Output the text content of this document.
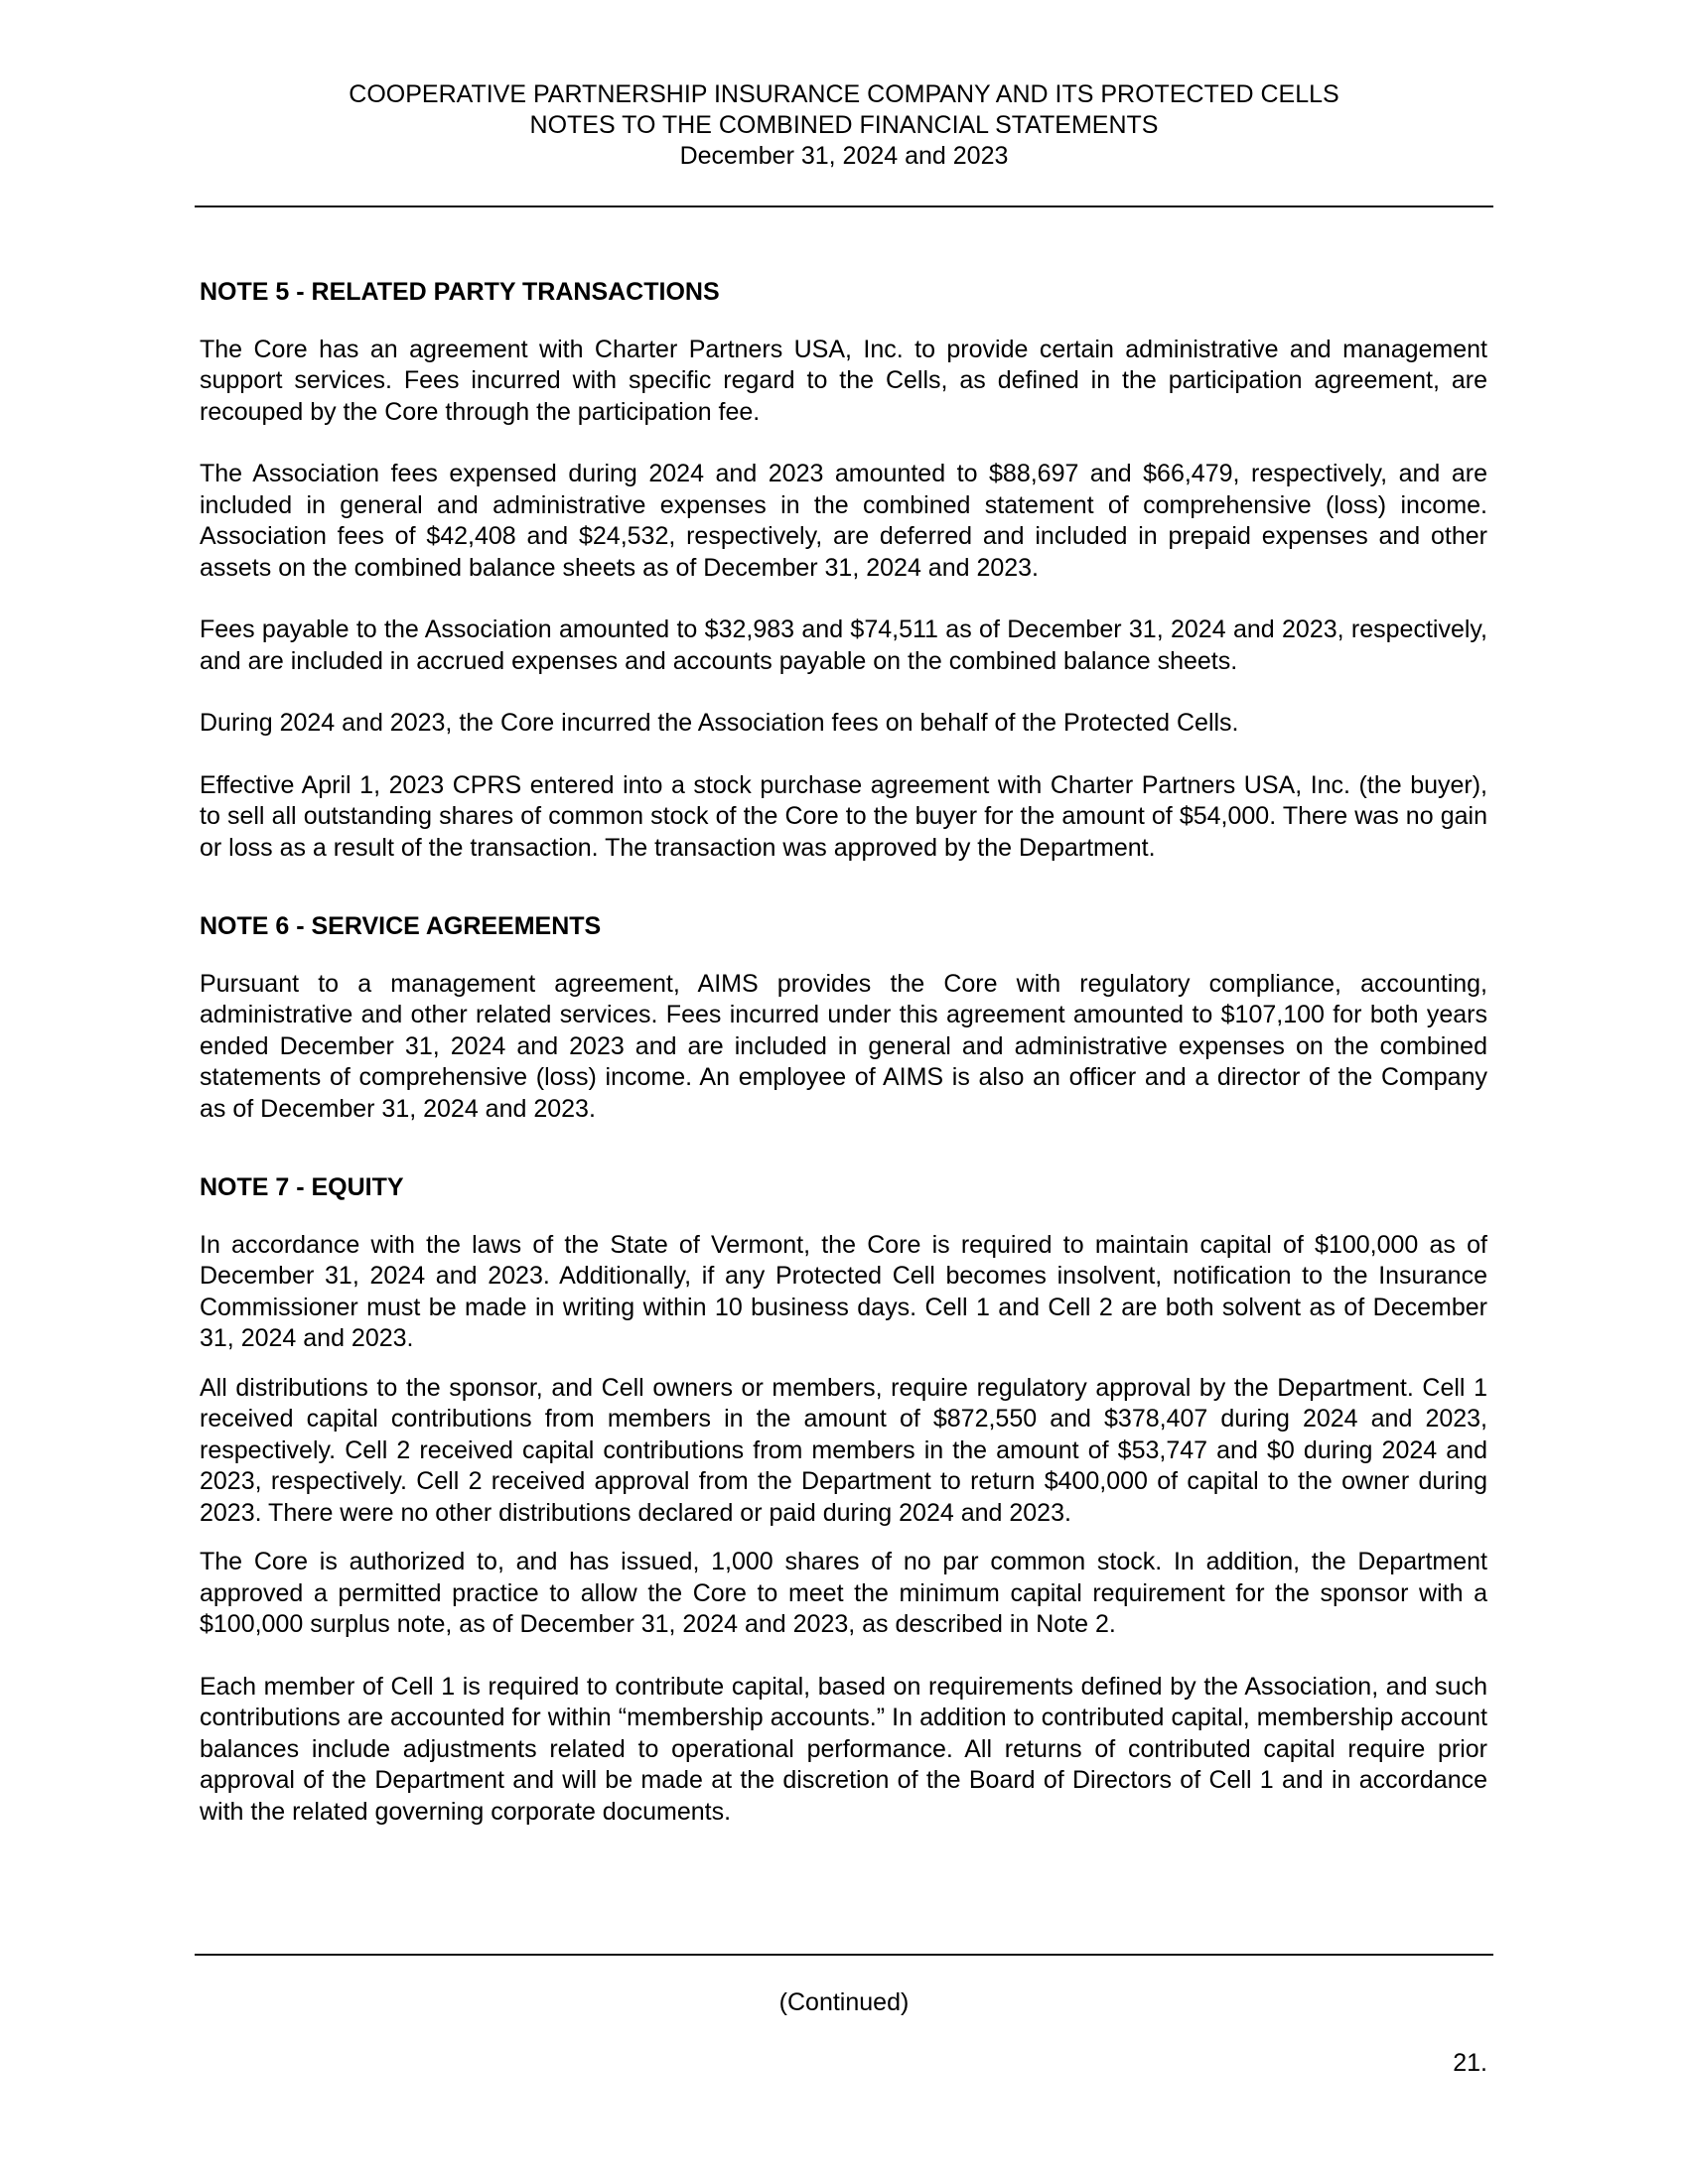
COOPERATIVE PARTNERSHIP INSURANCE COMPANY AND ITS PROTECTED CELLS
NOTES TO THE COMBINED FINANCIAL STATEMENTS
December 31, 2024 and 2023
NOTE 5 - RELATED PARTY TRANSACTIONS

The Core has an agreement with Charter Partners USA, Inc. to provide certain administrative and management support services. Fees incurred with specific regard to the Cells, as defined in the participation agreement, are recouped by the Core through the participation fee.

The Association fees expensed during 2024 and 2023 amounted to $88,697 and $66,479, respectively, and are included in general and administrative expenses in the combined statement of comprehensive (loss) income. Association fees of $42,408 and $24,532, respectively, are deferred and included in prepaid expenses and other assets on the combined balance sheets as of December 31, 2024 and 2023.

Fees payable to the Association amounted to $32,983 and $74,511 as of December 31, 2024 and 2023, respectively, and are included in accrued expenses and accounts payable on the combined balance sheets.

During 2024 and 2023, the Core incurred the Association fees on behalf of the Protected Cells.

Effective April 1, 2023 CPRS entered into a stock purchase agreement with Charter Partners USA, Inc. (the buyer), to sell all outstanding shares of common stock of the Core to the buyer for the amount of $54,000. There was no gain or loss as a result of the transaction. The transaction was approved by the Department.

NOTE 6 - SERVICE AGREEMENTS

Pursuant to a management agreement, AIMS provides the Core with regulatory compliance, accounting, administrative and other related services. Fees incurred under this agreement amounted to $107,100 for both years ended December 31, 2024 and 2023 and are included in general and administrative expenses on the combined statements of comprehensive (loss) income. An employee of AIMS is also an officer and a director of the Company as of December 31, 2024 and 2023.

NOTE 7 - EQUITY

In accordance with the laws of the State of Vermont, the Core is required to maintain capital of $100,000 as of December 31, 2024 and 2023. Additionally, if any Protected Cell becomes insolvent, notification to the Insurance Commissioner must be made in writing within 10 business days. Cell 1 and Cell 2 are both solvent as of December 31, 2024 and 2023.

All distributions to the sponsor, and Cell owners or members, require regulatory approval by the Department. Cell 1 received capital contributions from members in the amount of $872,550 and $378,407 during 2024 and 2023, respectively. Cell 2 received capital contributions from members in the amount of $53,747 and $0 during 2024 and 2023, respectively. Cell 2 received approval from the Department to return $400,000 of capital to the owner during 2023. There were no other distributions declared or paid during 2024 and 2023.

The Core is authorized to, and has issued, 1,000 shares of no par common stock. In addition, the Department approved a permitted practice to allow the Core to meet the minimum capital requirement for the sponsor with a $100,000 surplus note, as of December 31, 2024 and 2023, as described in Note 2.

Each member of Cell 1 is required to contribute capital, based on requirements defined by the Association, and such contributions are accounted for within “membership accounts.” In addition to contributed capital, membership account balances include adjustments related to operational performance. All returns of contributed capital require prior approval of the Department and will be made at the discretion of the Board of Directors of Cell 1 and in accordance with the related governing corporate documents.

(Continued)
21.
